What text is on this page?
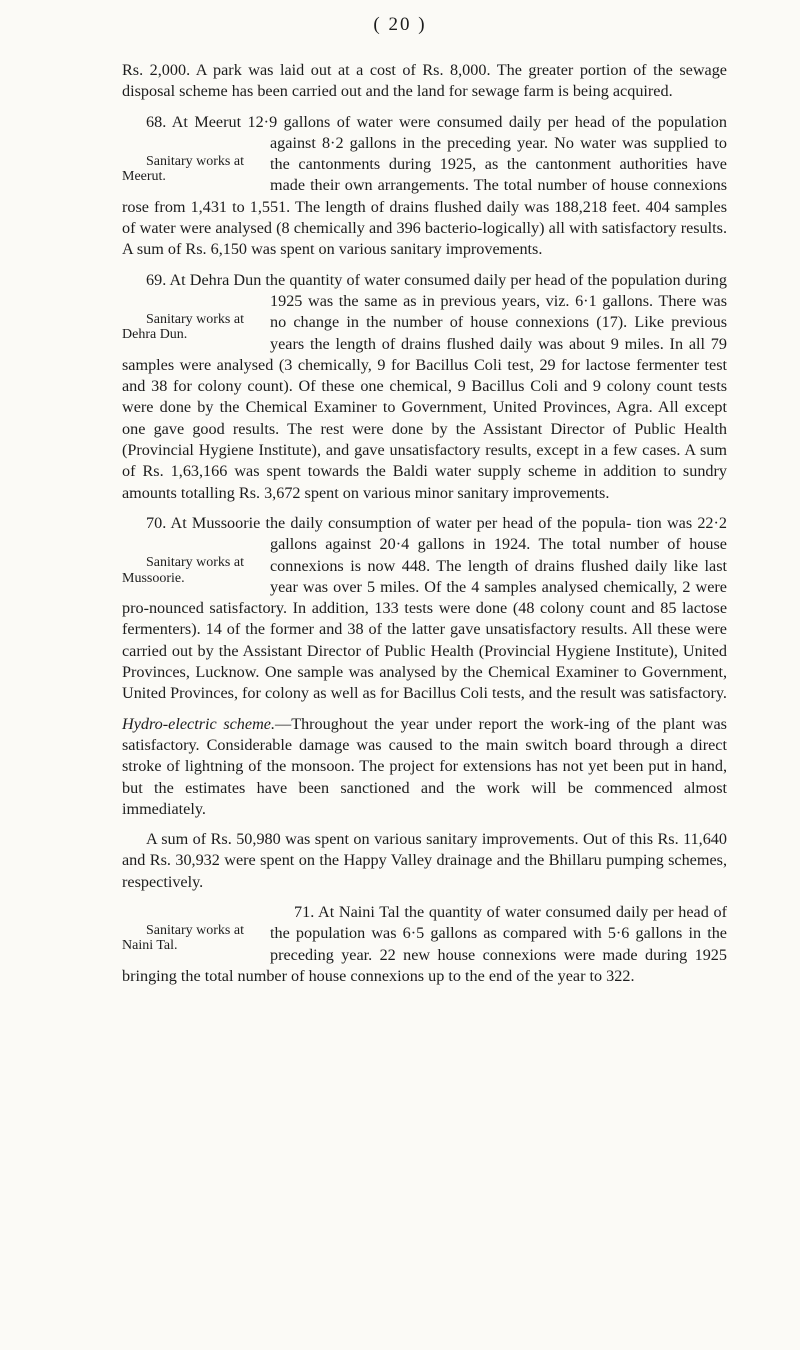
( 20 )

Rs. 2,000. A park was laid out at a cost of Rs. 8,000. The greater portion of the sewage disposal scheme has been carried out and the land for sewage farm is being acquired.

68. At Meerut 12·9 gallons of water were consumed daily per head of
Sanitary works at Meerut.
the population against 8·2 gallons in the preceding year. No water was supplied to the cantonments during 1925, as the cantonment authorities have made their own arrangements. The total number of house connexions rose from 1,431 to 1,551. The length of drains flushed daily was 188,218 feet. 404 samples of water were analysed (8 chemically and 396 bacterio-logically) all with satisfactory results. A sum of Rs. 6,150 was spent on various sanitary improvements.

69. At Dehra Dun the quantity of water consumed daily per head of the
Sanitary works at Dehra Dun.
population during 1925 was the same as in previous years, viz. 6·1 gallons. There was no change in the number of house connexions (17). Like previous years the length of drains flushed daily was about 9 miles. In all 79 samples were analysed (3 chemically, 9 for Bacillus Coli test, 29 for lactose fermenter test and 38 for colony count). Of these one chemical, 9 Bacillus Coli and 9 colony count tests were done by the Chemical Examiner to Government, United Provinces, Agra. All except one gave good results. The rest were done by the Assistant Director of Public Health (Provincial Hygiene Institute), and gave unsatisfactory results, except in a few cases. A sum of Rs. 1,63,166 was spent towards the Baldi water supply scheme in addition to sundry amounts totalling Rs. 3,672 spent on various minor sanitary improvements.

70. At Mussoorie the daily consumption of water per head of the popula-
Sanitary works at Mussoorie.
tion was 22·2 gallons against 20·4 gallons in 1924. The total number of house connexions is now 448. The length of drains flushed daily like last year was over 5 miles. Of the 4 samples analysed chemically, 2 were pro-nounced satisfactory. In addition, 133 tests were done (48 colony count and 85 lactose fermenters). 14 of the former and 38 of the latter gave unsatisfactory results. All these were carried out by the Assistant Director of Public Health (Provincial Hygiene Institute), United Provinces, Lucknow. One sample was analysed by the Chemical Examiner to Government, United Provinces, for colony as well as for Bacillus Coli tests, and the result was satisfactory.

Hydro-electric scheme.—Throughout the year under report the work-ing of the plant was satisfactory. Considerable damage was caused to the main switch board through a direct stroke of lightning of the monsoon. The project for extensions has not yet been put in hand, but the estimates have been sanctioned and the work will be commenced almost immediately.

A sum of Rs. 50,980 was spent on various sanitary improvements. Out of this Rs. 11,640 and Rs. 30,932 were spent on the Happy Valley drainage and the Bhillaru pumping schemes, respectively.

71. At Naini Tal the quantity of water consumed daily per head of
Sanitary works at Naini Tal.
the population was 6·5 gallons as compared with 5·6 gallons in the preceding year. 22 new house connexions were made during 1925 bringing the total number of house connexions up to the end of the year to 322.
